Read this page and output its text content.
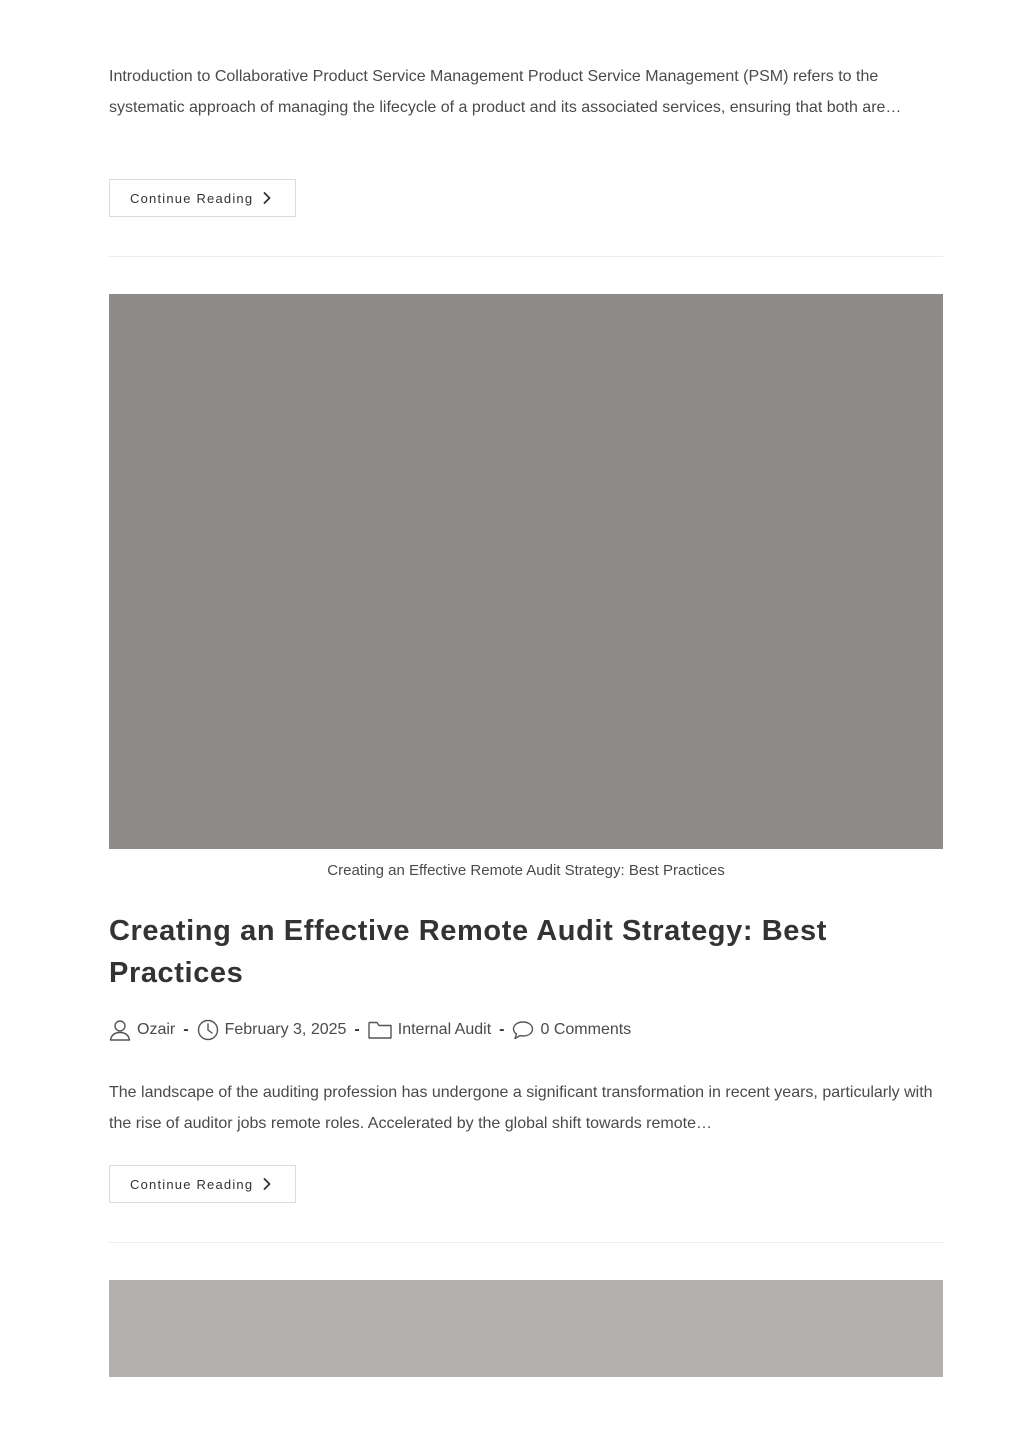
Introduction to Collaborative Product Service Management Product Service Management (PSM) refers to the systematic approach of managing the lifecycle of a product and its associated services, ensuring that both are…

Continue Reading
Creating an Effective Remote Audit Strategy: Best Practices
Creating an Effective Remote Audit Strategy: Best Practices
Ozair - February 3, 2025 - Internal Audit - 0 Comments

The landscape of the auditing profession has undergone a significant transformation in recent years, particularly with the rise of auditor jobs remote roles. Accelerated by the global shift towards remote…

Continue Reading
